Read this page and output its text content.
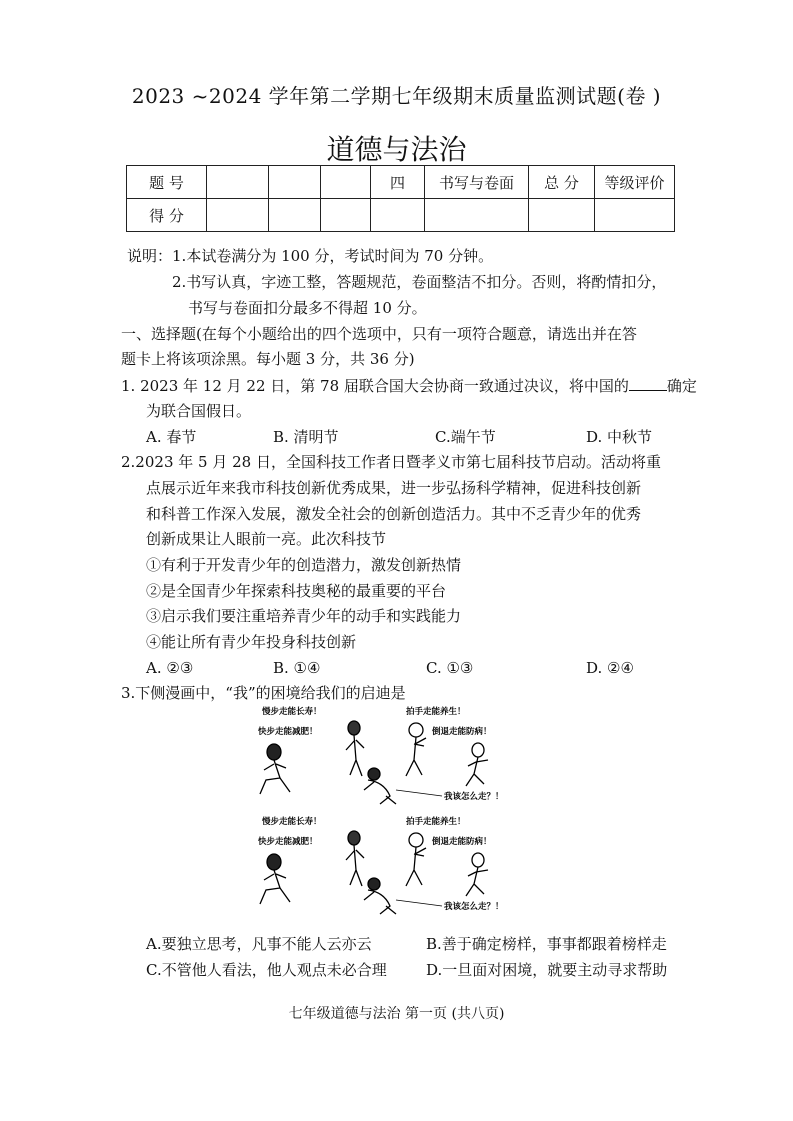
2023 ~2024 学年第二学期七年级期末质量监测试题(卷 )
道德与法治
题 号				四	书写与卷面	总 分	等级评价
得 分							
说明：1.本试卷满分为 100 分，考试时间为 70 分钟。
2.书写认真，字迹工整，答题规范，卷面整洁不扣分。否则，将酌情扣分，
书写与卷面扣分最多不得超 10 分。
一、选择题(在每个小题给出的四个选项中，只有一项符合题意，请选出并在答
题卡上将该项涂黑。每小题 3 分，共 36 分)
1. 2023 年 12 月 22 日，第 78 届联合国大会协商一致通过决议，将中国的	确定
为联合国假日。
A. 春节	B. 清明节	C.端午节	D. 中秋节
2.2023 年 5 月 28 日，全国科技工作者日暨孝义市第七届科技节启动。活动将重
点展示近年来我市科技创新优秀成果，进一步弘扬科学精神，促进科技创新
和科普工作深入发展，激发全社会的创新创造活力。其中不乏青少年的优秀
创新成果让人眼前一亮。此次科技节
①有利于开发青少年的创造潜力，激发创新热情
②是全国青少年探索科技奥秘的最重要的平台
③启示我们要注重培养青少年的动手和实践能力
④能让所有青少年投身科技创新
A. ②③	B. ①④	C. ①③	D. ②④
3.下侧漫画中，“我”的困境给我们的启迪是
慢步走能长寿！
快步走能减肥！
拍手走能养生！
倒退走能防病！
我该怎么走？！
慢步走能长寿！
快步走能减肥！
拍手走能养生！
倒退走能防病！
我该怎么走？！
A.要独立思考，凡事不能人云亦云	B.善于确定榜样，事事都跟着榜样走
C.不管他人看法，他人观点未必合理	D.一旦面对困境，就要主动寻求帮助
七年级道德与法治 第一页 (共八页)
